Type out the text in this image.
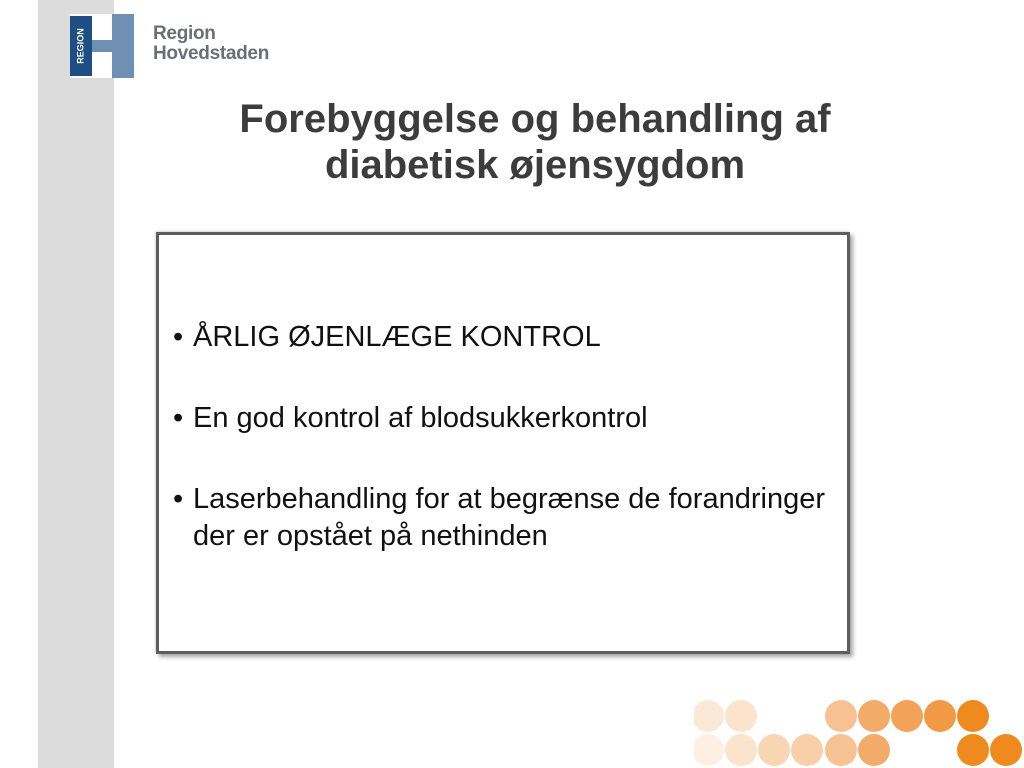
REGION	Region
Hovedstaden
Forebyggelse og behandling af diabetisk øjensygdom
• ÅRLIG ØJENLÆGE KONTROL
• En god kontrol af blodsukkerkontrol
• Laserbehandling for at begrænse de forandringer der er opstået på nethinden
